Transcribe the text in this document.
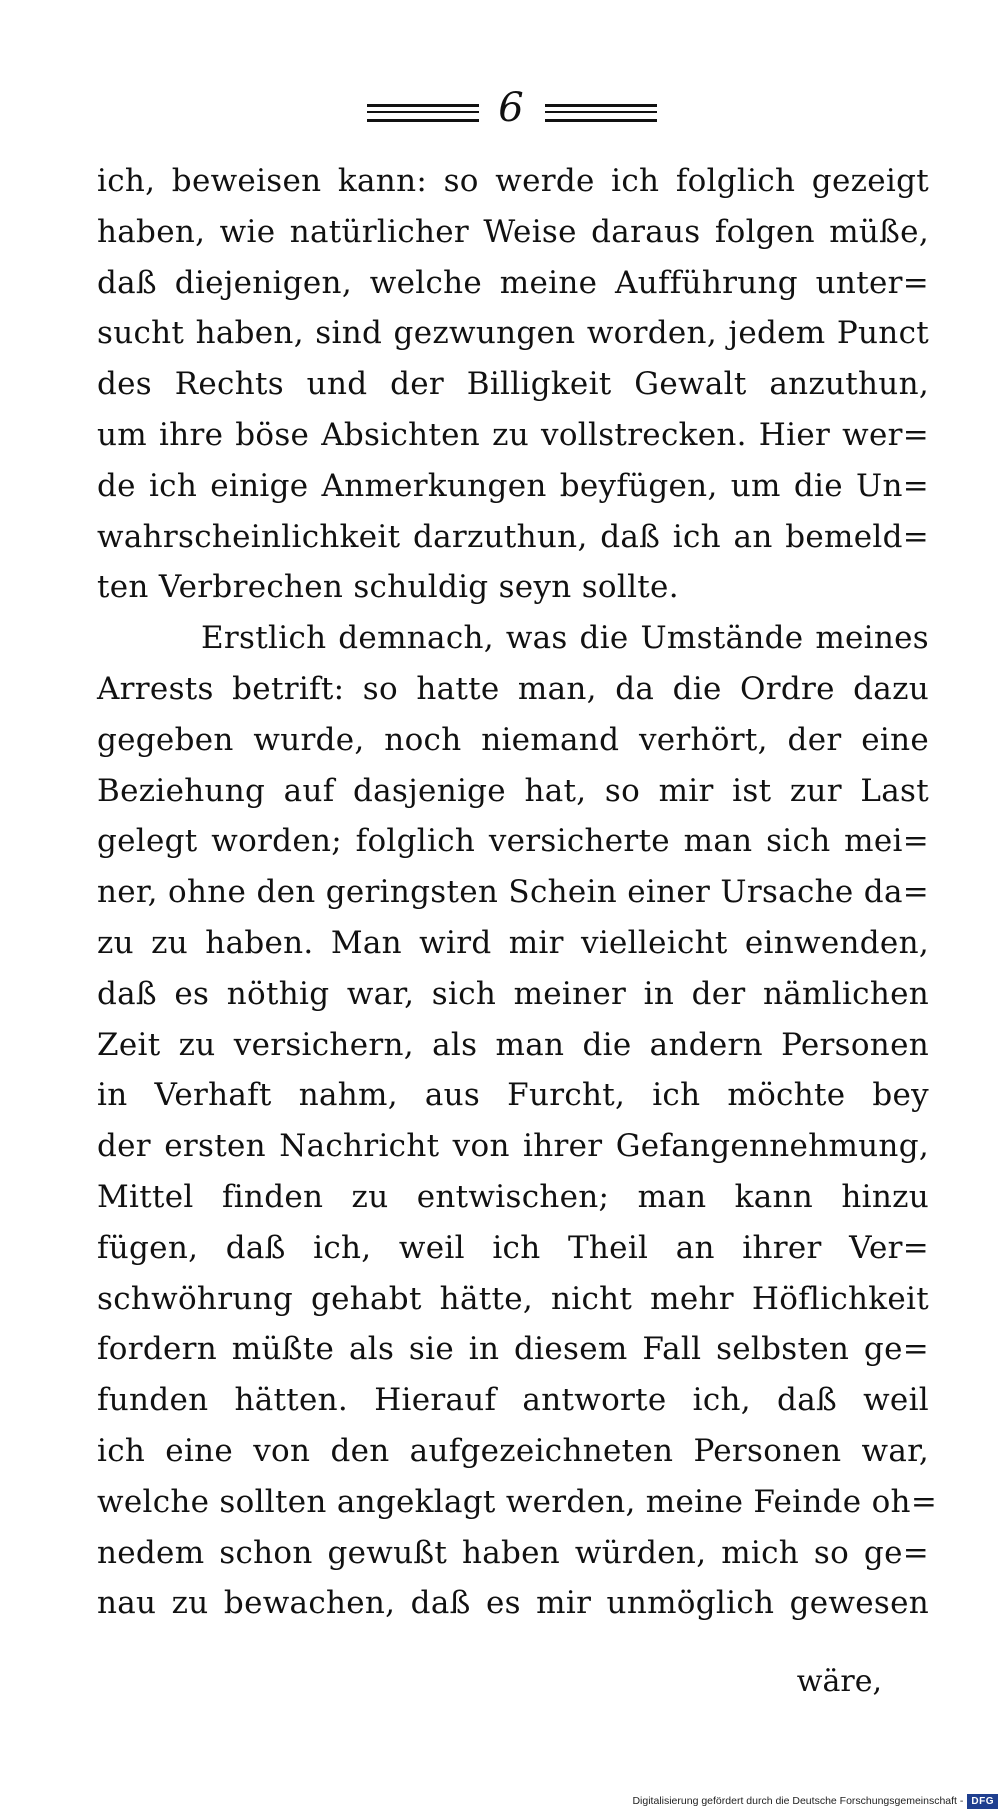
6
ich, beweisen kann: so werde ich folglich gezeigt
haben, wie natürlicher Weise daraus folgen müße,
daß diejenigen, welche meine Aufführung unter=
sucht haben, sind gezwungen worden, jedem Punct
des Rechts und der Billigkeit Gewalt anzuthun,
um ihre böse Absichten zu vollstrecken. Hier wer=
de ich einige Anmerkungen beyfügen, um die Un=
wahrscheinlichkeit darzuthun, daß ich an bemeld=
ten Verbrechen schuldig seyn sollte.
Erstlich demnach, was die Umstände meines
Arrests betrift: so hatte man, da die Ordre dazu
gegeben wurde, noch niemand verhört, der eine
Beziehung auf dasjenige hat, so mir ist zur Last
gelegt worden; folglich versicherte man sich mei=
ner, ohne den geringsten Schein einer Ursache da=
zu zu haben. Man wird mir vielleicht einwenden,
daß es nöthig war, sich meiner in der nämlichen
Zeit zu versichern, als man die andern Personen
in Verhaft nahm, aus Furcht, ich möchte bey
der ersten Nachricht von ihrer Gefangennehmung,
Mittel finden zu entwischen; man kann hinzu
fügen, daß ich, weil ich Theil an ihrer Ver=
schwöhrung gehabt hätte, nicht mehr Höflichkeit
fordern müßte als sie in diesem Fall selbsten ge=
funden hätten. Hierauf antworte ich, daß weil
ich eine von den aufgezeichneten Personen war,
welche sollten angeklagt werden, meine Feinde oh=
nedem schon gewußt haben würden, mich so ge=
nau zu bewachen, daß es mir unmöglich gewesen
wäre,
Digitalisierung gefördert durch die Deutsche Forschungsgemeinschaft - DFG
